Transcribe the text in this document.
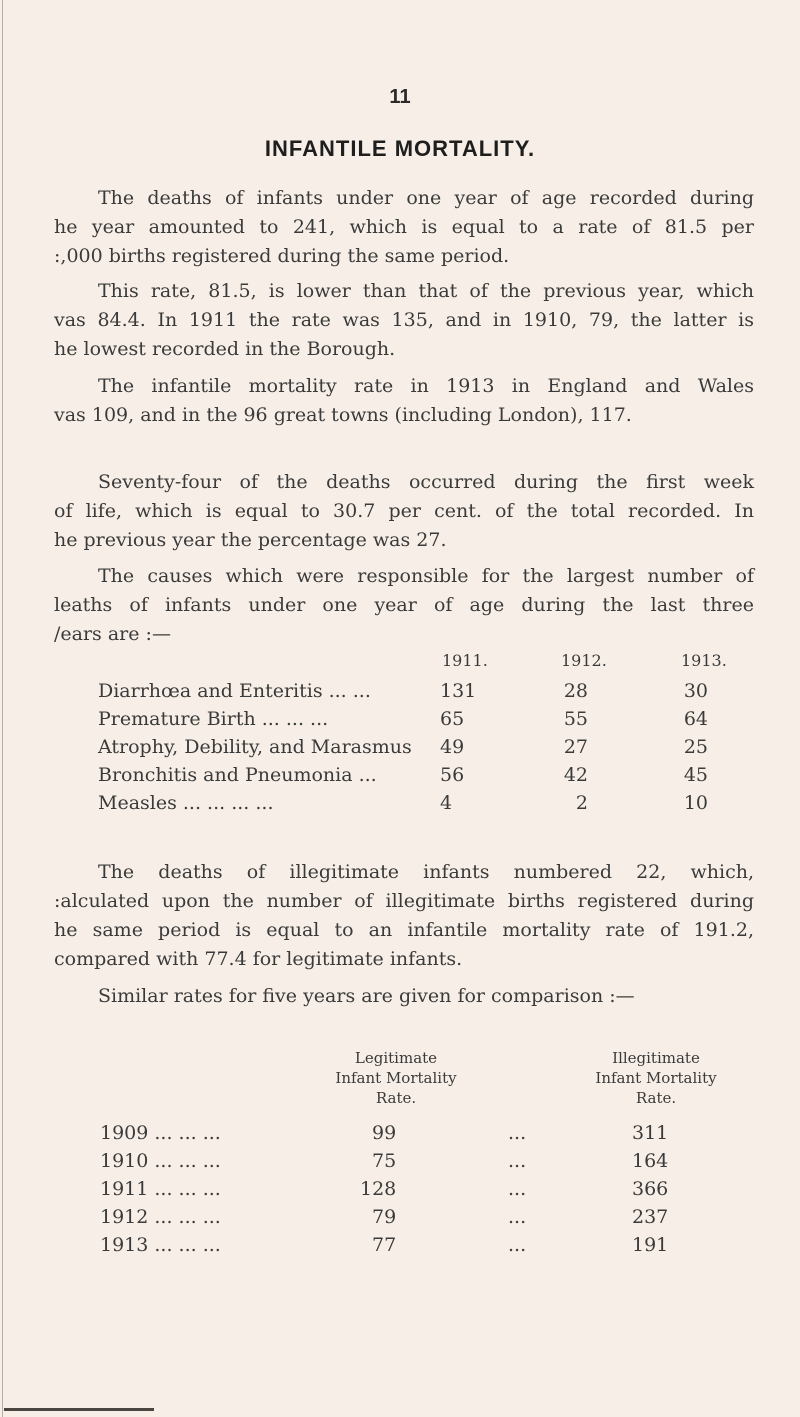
11
INFANTILE MORTALITY.
The deaths of infants under one year of age recorded during
he year amounted to 241, which is equal to a rate of 81.5 per
:,000 births registered during the same period.
This rate, 81.5, is lower than that of the previous year, which
vas 84.4. In 1911 the rate was 135, and in 1910, 79, the latter is
he lowest recorded in the Borough.
The infantile mortality rate in 1913 in England and Wales
vas 109, and in the 96 great towns (including London), 117.
Seventy-four of the deaths occurred during the first week
of life, which is equal to 30.7 per cent. of the total recorded. In
he previous year the percentage was 27.
The causes which were responsible for the largest number of
leaths of infants under one year of age during the last three
/ears are :—
1911.	1912.	1913.
Diarrhœa and Enteritis ... ...	131	28	30
Premature Birth ... ... ...	65	55	64
Atrophy, Debility, and Marasmus 49	27	25
Bronchitis and Pneumonia ...	56	42	45
Measles ... ... ... ...	4	2	10
The deaths of illegitimate infants numbered 22, which,
:alculated upon the number of illegitimate births registered during
he same period is equal to an infantile mortality rate of 191.2,
compared with 77.4 for legitimate infants.
Similar rates for five years are given for comparison :—
Legitimate
Infant Mortality
Rate.
Illegitimate
Infant Mortality
Rate.
1909 ... ... ...	99	...	311
1910 ... ... ...	75	...	164
1911 ... ... ...	128	...	366
1912 ... ... ...	79	...	237
1913 ... ... ...	77	...	191
